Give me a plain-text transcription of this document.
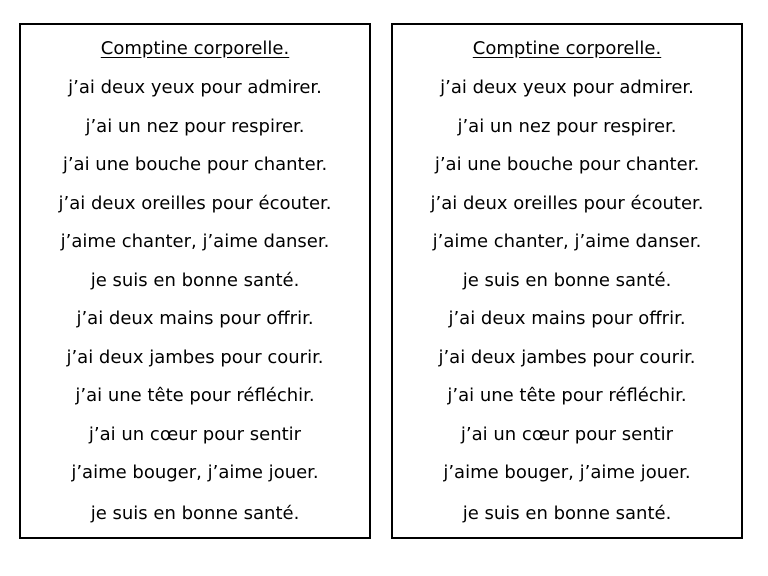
Comptine corporelle.
j’ai deux yeux pour admirer.
j’ai un nez pour respirer.
j’ai une bouche pour chanter.
j’ai deux oreilles pour écouter.
j’aime chanter, j’aime danser.
je suis en bonne santé.
j’ai deux mains pour offrir.
j’ai deux jambes pour courir.
j’ai une tête pour réfléchir.
j’ai un cœur pour sentir
j’aime bouger, j’aime jouer.
je suis en bonne santé.
Comptine corporelle.
j’ai deux yeux pour admirer.
j’ai un nez pour respirer.
j’ai une bouche pour chanter.
j’ai deux oreilles pour écouter.
j’aime chanter, j’aime danser.
je suis en bonne santé.
j’ai deux mains pour offrir.
j’ai deux jambes pour courir.
j’ai une tête pour réfléchir.
j’ai un cœur pour sentir
j’aime bouger, j’aime jouer.
je suis en bonne santé.
